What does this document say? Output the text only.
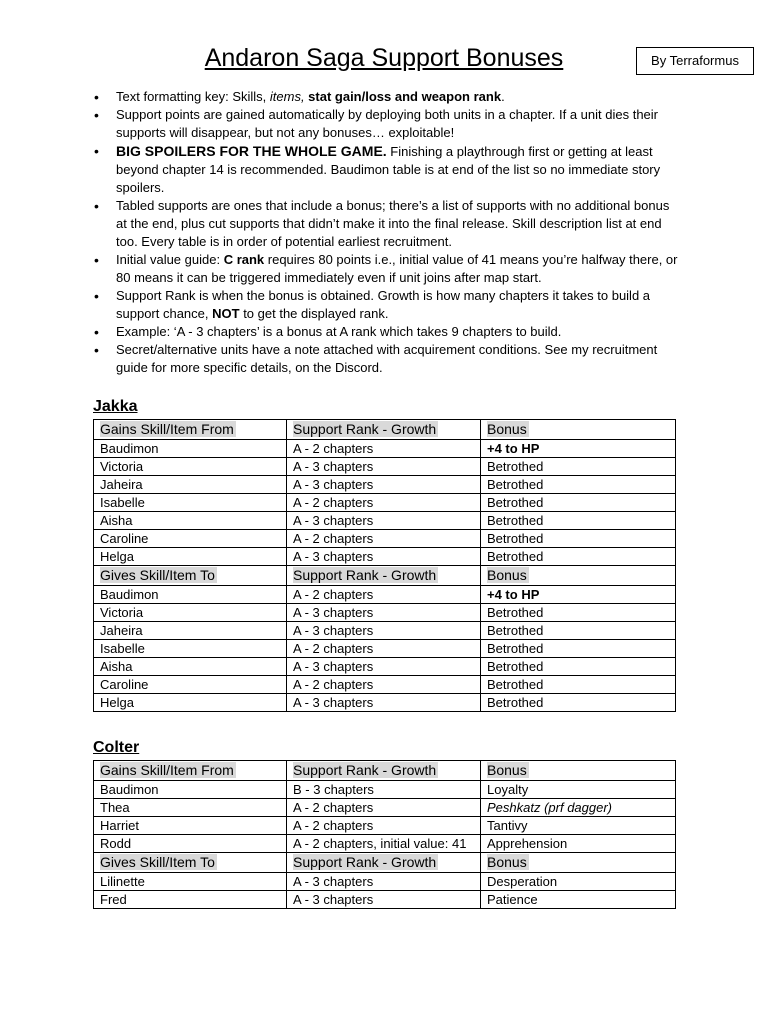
Andaron Saga Support Bonuses	By Terraformus
• Text formatting key: Skills, items, stat gain/loss and weapon rank.
• Support points are gained automatically by deploying both units in a chapter. If a unit dies their supports will disappear, but not any bonuses… exploitable!
• BIG SPOILERS FOR THE WHOLE GAME. Finishing a playthrough first or getting at least beyond chapter 14 is recommended. Baudimon table is at end of the list so no immediate story spoilers.
• Tabled supports are ones that include a bonus; there’s a list of supports with no additional bonus at the end, plus cut supports that didn’t make it into the final release. Skill description list at end too. Every table is in order of potential earliest recruitment.
• Initial value guide: C rank requires 80 points i.e., initial value of 41 means you’re halfway there, or 80 means it can be triggered immediately even if unit joins after map start.
• Support Rank is when the bonus is obtained. Growth is how many chapters it takes to build a support chance, NOT to get the displayed rank.
• Example: ‘A - 3 chapters’ is a bonus at A rank which takes 9 chapters to build.
• Secret/alternative units have a note attached with acquirement conditions. See my recruitment guide for more specific details, on the Discord.
Jakka
Gains Skill/Item From	Support Rank - Growth	Bonus
Baudimon	A - 2 chapters	+4 to HP
Victoria	A - 3 chapters	Betrothed
Jaheira	A - 3 chapters	Betrothed
Isabelle	A - 2 chapters	Betrothed
Aisha	A - 3 chapters	Betrothed
Caroline	A - 2 chapters	Betrothed
Helga	A - 3 chapters	Betrothed
Gives Skill/Item To	Support Rank - Growth	Bonus
Baudimon	A - 2 chapters	+4 to HP
Victoria	A - 3 chapters	Betrothed
Jaheira	A - 3 chapters	Betrothed
Isabelle	A - 2 chapters	Betrothed
Aisha	A - 3 chapters	Betrothed
Caroline	A - 2 chapters	Betrothed
Helga	A - 3 chapters	Betrothed
Colter
Gains Skill/Item From	Support Rank - Growth	Bonus
Baudimon	B - 3 chapters	Loyalty
Thea	A - 2 chapters	Peshkatz (prf dagger)
Harriet	A - 2 chapters	Tantivy
Rodd	A - 2 chapters, initial value: 41	Apprehension
Gives Skill/Item To	Support Rank - Growth	Bonus
Lilinette	A - 3 chapters	Desperation
Fred	A - 3 chapters	Patience
